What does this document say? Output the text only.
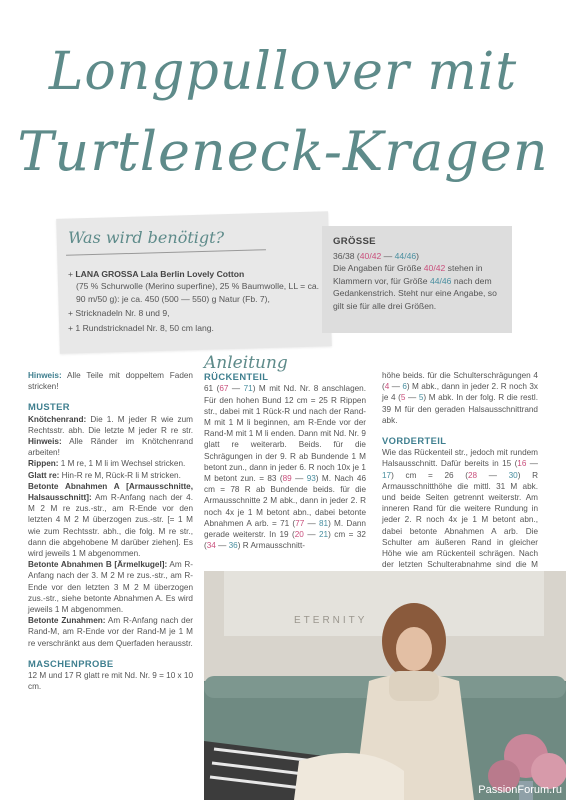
Longpullover mit
Turtleneck-Kragen
Was wird benötigt?
+ LANA GROSSA Lala Berlin Lovely Cotton
(75 % Schurwolle (Merino superfine), 25 % Baumwolle, LL = ca. 90 m/50 g): je ca. 450 (500 — 550) g Natur (Fb. 7),
+ Stricknadeln Nr. 8 und 9,
+ 1 Rundstricknadel Nr. 8, 50 cm lang.
GRÖSSE
36/38 (40/42 — 44/46)
Die Angaben für Größe 40/42 stehen in Klammern vor, für Größe 44/46 nach dem Gedankenstrich. Steht nur eine Angabe, so gilt sie für alle drei Größen.

Hinweis: Alle Teile mit doppeltem Faden stricken!

MUSTER

Knötchenrand: Die 1. M jeder R wie zum Rechtsstr. abh. Die letzte M jeder R re str. Hinweis: Alle Ränder im Knötchenrand arbeiten!

Rippen: 1 M re, 1 M li im Wechsel stricken.

Glatt re: Hin-R re M, Rück-R li M stricken.

Betonte Abnahmen A [Armausschnitte, Halsausschnitt]: Am R-Anfang nach der 4. M 2 M re zus.-str., am R-Ende vor den letzten 4 M 2 M überzogen zus.-str. [= 1 M wie zum Rechtsstr. abh., die folg. M re str., dann die abgehobene M darüber ziehen]. Es wird jeweils 1 M abgenommen.

Betonte Abnahmen B [Ärmelkugel]: Am R-Anfang nach der 3. M 2 M re zus.-str., am R-Ende vor den letzten 3 M 2 M überzogen zus.-str., siehe betonte Abnahmen A. Es wird jeweils 1 M abgenommen.

Betonte Zunahmen: Am R-Anfang nach der Rand-M, am R-Ende vor der Rand-M je 1 M re verschränkt aus dem Querfaden herausstr.

MASCHENPROBE

12 M und 17 R glatt re mit Nd. Nr. 9 = 10 x 10 cm.

Anleitung
RÜCKENTEIL

61 (67 — 71) M mit Nd. Nr. 8 anschlagen. Für den hohen Bund 12 cm = 25 R Rippen str., dabei mit 1 Rück-R und nach der Rand-M mit 1 M li beginnen, am R-Ende vor der Rand-M mit 1 M li enden. Dann mit Nd. Nr. 9 glatt re weiterarb. Beids. für die Schrägungen in der 9. R ab Bundende 1 M betont zun., dann in jeder 6. R noch 10x je 1 M betont zun. = 83 (89 — 93) M. Nach 46 cm = 78 R ab Bundende beids. für die Armausschnitte 2 M abk., dann in jeder 2. R noch 4x je 1 M betont abn., dabei betonte Abnahmen A arb. = 71 (77 — 81) M. Dann gerade weiterstr. In 19 (20 — 21) cm = 32 (34 — 36) R Armausschnitt-

höhe beids. für die Schulterschrägungen 4 (4 — 6) M abk., dann in jeder 2. R noch 3x je 4 (5 — 5) M abk. In der folg. R die restl. 39 M für den geraden Halsausschnittrand abk.

VORDERTEIL

Wie das Rückenteil str., jedoch mit rundem Halsausschnitt. Dafür bereits in 15 (16 — 17) cm = 26 (28 — 30) R Armausschnitthöhe die mittl. 31 M abk. und beide Seiten getrennt weiterstr. Am inneren Rand für die weitere Rundung in jeder 2. R noch 4x je 1 M betont abn., dabei betonte Abnahmen A arb. Die Schulter am äußeren Rand in gleicher Höhe wie am Rückenteil schrägen. Nach der letzten Schulterabnahme sind die M

ETERNITY
PassionForum.ru
